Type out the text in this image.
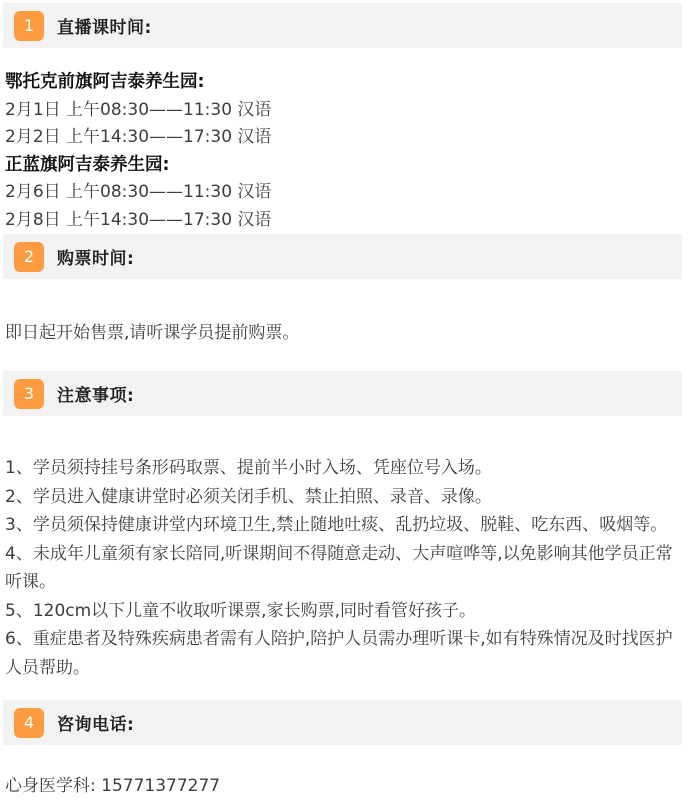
1	直播课时间:

鄂托克前旗阿吉泰养生园:

2月1日 上午08:30——11:30 汉语

2月2日 上午14:30——17:30 汉语

正蓝旗阿吉泰养生园:

2月6日 上午08:30——11:30 汉语

2月8日 上午14:30——17:30 汉语

2	购票时间:

即日起开始售票,请听课学员提前购票。

3	注意事项:

1、学员须持挂号条形码取票、提前半小时入场、凭座位号入场。

2、学员进入健康讲堂时必须关闭手机、禁止拍照、录音、录像。

3、学员须保持健康讲堂内环境卫生,禁止随地吐痰、乱扔垃圾、脱鞋、吃东西、吸烟等。

4、未成年儿童须有家长陪同,听课期间不得随意走动、大声喧哗等,以免影响其他学员正常听课。

5、120cm以下儿童不收取听课票,家长购票,同时看管好孩子。

6、重症患者及特殊疾病患者需有人陪护,陪护人员需办理听课卡,如有特殊情况及时找医护人员帮助。

4	咨询电话:

心身医学科: 15771377277
